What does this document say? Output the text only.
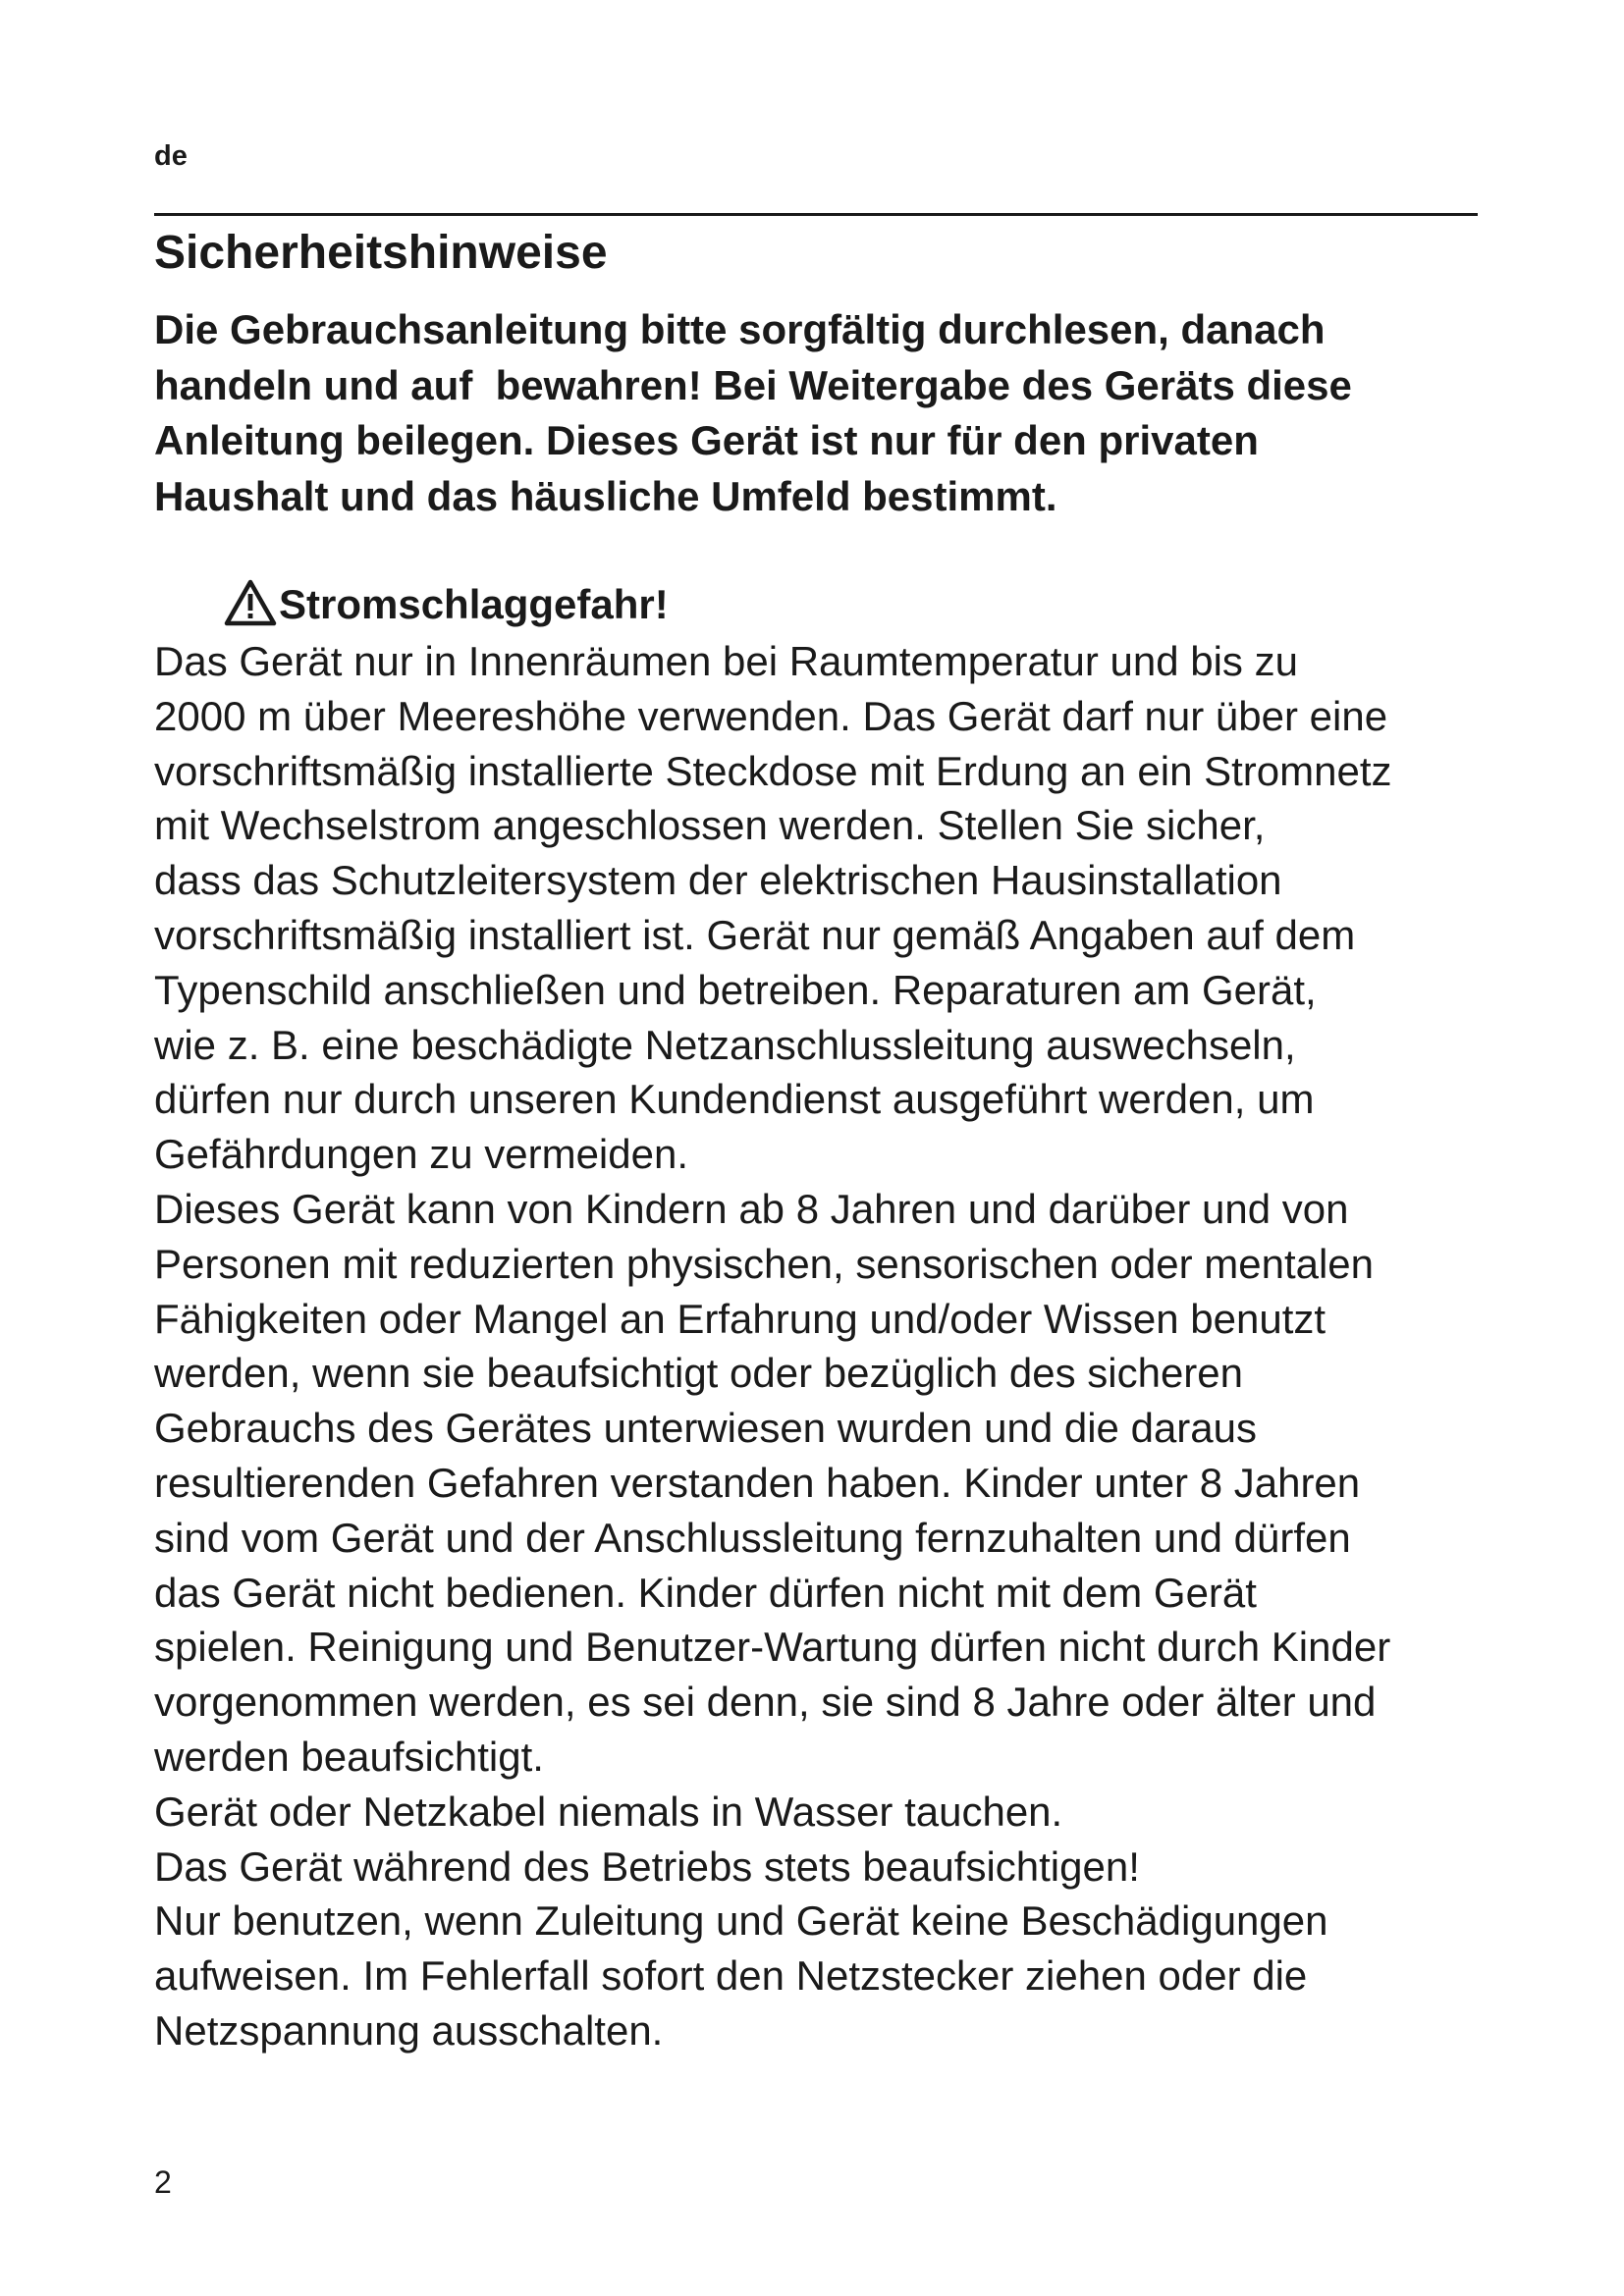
de
Sicherheitshinweise
Die Gebrauchsanleitung bitte sorgfältig durchlesen, danach
handeln und auf  bewahren! Bei Weitergabe des Geräts diese
Anleitung beilegen. Dieses Gerät ist nur für den privaten
Haushalt und das häusliche Umfeld bestimmt.
Stromschlaggefahr!
Das Gerät nur in Innenräumen bei Raumtemperatur und bis zu
2000 m über Meereshöhe verwenden. Das Gerät darf nur über eine
vorschriftsmäßig installierte Steckdose mit Erdung an ein Stromnetz
mit Wechselstrom angeschlossen werden. Stellen Sie sicher,
dass das Schutzleitersystem der elektrischen Hausinstallation
vorschriftsmäßig installiert ist. Gerät nur gemäß Angaben auf dem
Typenschild anschließen und betreiben. Reparaturen am Gerät,
wie z. B. eine beschädigte Netzanschlussleitung auswechseln,
dürfen nur durch unseren Kundendienst ausgeführt werden, um
Gefährdungen zu vermeiden.
Dieses Gerät kann von Kindern ab 8 Jahren und darüber und von
Personen mit reduzierten physischen, sensorischen oder mentalen
Fähigkeiten oder Mangel an Erfahrung und/oder Wissen benutzt
werden, wenn sie beaufsichtigt oder bezüglich des sicheren
Gebrauchs des Gerätes unterwiesen wurden und die daraus
resultierenden Gefahren verstanden haben. Kinder unter 8 Jahren
sind vom Gerät und der Anschlussleitung fernzuhalten und dürfen
das Gerät nicht bedienen. Kinder dürfen nicht mit dem Gerät
spielen. Reinigung und Benutzer-Wartung dürfen nicht durch Kinder
vorgenommen werden, es sei denn, sie sind 8 Jahre oder älter und
werden beaufsichtigt.
Gerät oder Netzkabel niemals in Wasser tauchen.
Das Gerät während des Betriebs stets beaufsichtigen!
Nur benutzen, wenn Zuleitung und Gerät keine Beschädigungen
aufweisen. Im Fehlerfall sofort den Netzstecker ziehen oder die
Netzspannung ausschalten.
2
